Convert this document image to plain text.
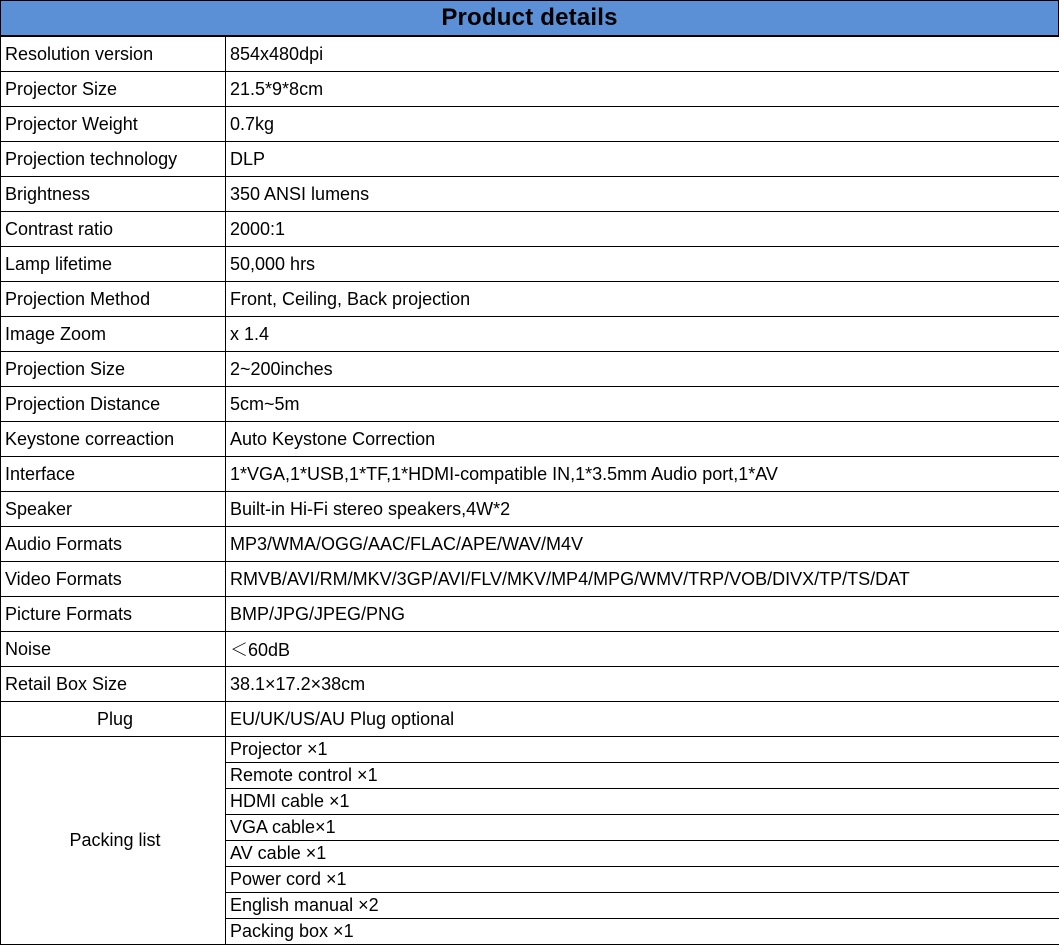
Product details
Resolution version	854x480dpi
Projector Size	21.5*9*8cm
Projector Weight	0.7kg
Projection technology	DLP
Brightness	350 ANSI lumens
Contrast ratio	2000:1
Lamp lifetime	50,000 hrs
Projection Method	Front, Ceiling, Back projection
Image Zoom	x 1.4
Projection Size	2~200inches
Projection Distance	5cm~5m
Keystone correaction	Auto Keystone Correction
Interface	1*VGA,1*USB,1*TF,1*HDMI-compatible IN,1*3.5mm Audio port,1*AV
Speaker	Built-in Hi-Fi stereo speakers,4W*2
Audio Formats	MP3/WMA/OGG/AAC/FLAC/APE/WAV/M4V
Video Formats	RMVB/AVI/RM/MKV/3GP/AVI/FLV/MKV/MP4/MPG/WMV/TRP/VOB/DIVX/TP/TS/DAT
Picture Formats	BMP/JPG/JPEG/PNG
Noise	＜60dB
Retail Box Size	38.1×17.2×38cm
Plug	EU/UK/US/AU Plug optional
Packing list	Projector ×1
	Remote control ×1
	HDMI cable ×1
	VGA cable×1
	AV cable ×1
	Power cord ×1
	English manual ×2
	Packing box ×1
